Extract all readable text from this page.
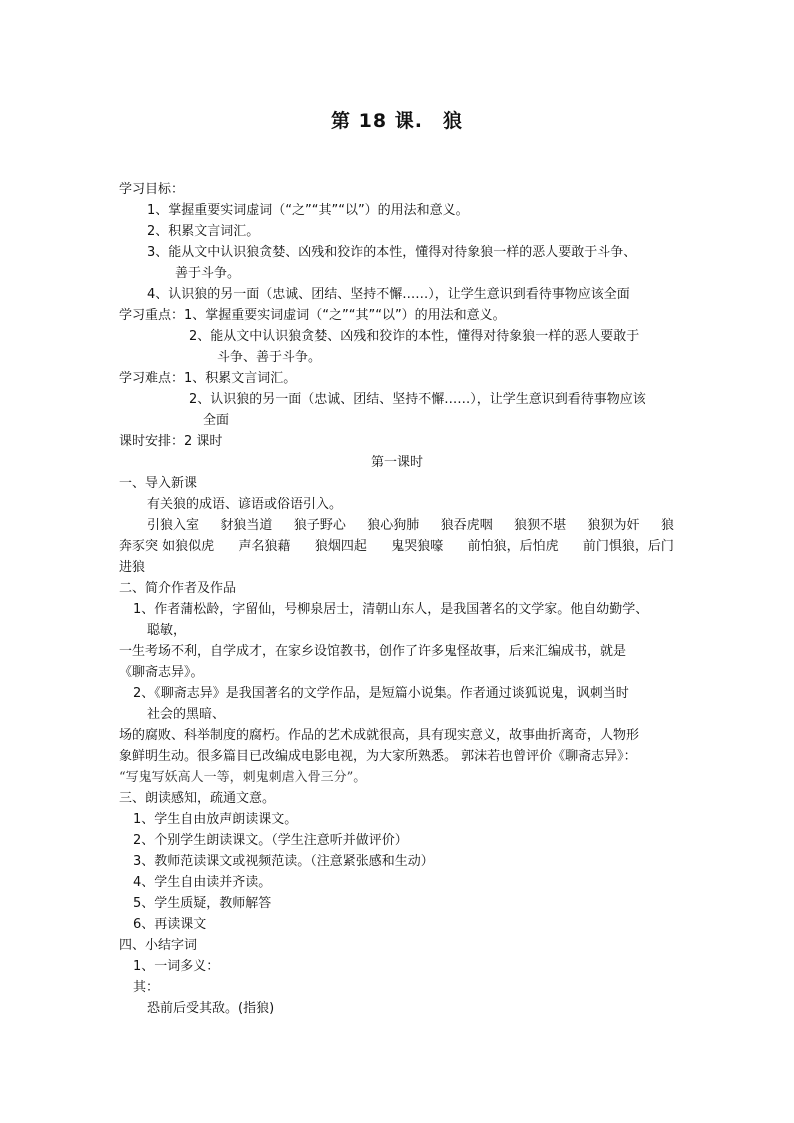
第 18 课. 狼
学习目标：
1、掌握重要实词虚词（“之”“其”“以”）的用法和意义。
2、积累文言词汇。
3、能从文中认识狼贪婪、凶残和狡诈的本性，懂得对待象狼一样的恶人要敢于斗争、
善于斗争。
4、认识狼的另一面（忠诚、团结、坚持不懈……），让学生意识到看待事物应该全面
学习重点：1、掌握重要实词虚词（“之”“其”“以”）的用法和意义。
2、能从文中认识狼贪婪、凶残和狡诈的本性，懂得对待象狼一样的恶人要敢于
斗争、善于斗争。
学习难点：1、积累文言词汇。
2、认识狼的另一面（忠诚、团结、坚持不懈……），让学生意识到看待事物应该
全面
课时安排：2 课时
第一课时
一、导入新课
有关狼的成语、谚语或俗语引入。
引狼入室 豺狼当道 狼子野心 狼心狗肺 狼吞虎咽 狼狈不堪 狼狈为奸 狼
奔豕突 如狼似虎 声名狼藉 狼烟四起 鬼哭狼嚎 前怕狼，后怕虎 前门惧狼，后门
进狼
二、简介作者及作品
1、作者蒲松龄，字留仙，号柳泉居士，清朝山东人，是我国著名的文学家。他自幼勤学、
聪敏，
一生考场不利，自学成才，在家乡设馆教书，创作了许多鬼怪故事，后来汇编成书，就是
《聊斋志异》。
2、《聊斋志异》是我国著名的文学作品，是短篇小说集。作者通过谈狐说鬼，讽刺当时
社会的黑暗、
场的腐败、科举制度的腐朽。作品的艺术成就很高，具有现实意义，故事曲折离奇，人物形
象鲜明生动。很多篇目已改编成电影电视，为大家所熟悉。 郭沫若也曾评价《聊斋志异》：
“写鬼写妖高人一等，刺鬼刺虐入骨三分”。
三、朗读感知，疏通文意。
1、学生自由放声朗读课文。
2、个别学生朗读课文。（学生注意听并做评价）
3、教师范读课文或视频范读。（注意紧张感和生动）
4、学生自由读并齐读。
5、学生质疑，教师解答
6、再读课文
四、小结字词
1、一词多义：
其：
恐前后受其敌。(指狼)
